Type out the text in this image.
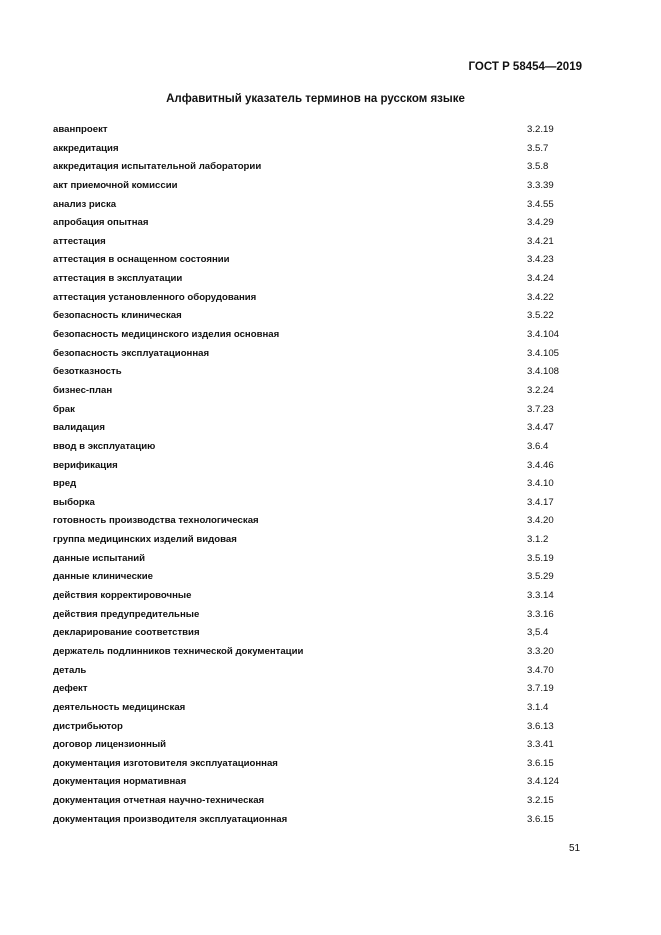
ГОСТ Р 58454—2019
Алфавитный указатель терминов на русском языке
аванпроект	3.2.19
аккредитация	3.5.7
аккредитация испытательной лаборатории	3.5.8
акт приемочной комиссии	3.3.39
анализ риска	3.4.55
апробация опытная	3.4.29
аттестация	3.4.21
аттестация в оснащенном состоянии	3.4.23
аттестация в эксплуатации	3.4.24
аттестация установленного оборудования	3.4.22
безопасность клиническая	3.5.22
безопасность медицинского изделия основная	3.4.104
безопасность эксплуатационная	3.4.105
безотказность	3.4.108
бизнес-план	3.2.24
брак	3.7.23
валидация	3.4.47
ввод в эксплуатацию	3.6.4
верификация	3.4.46
вред	3.4.10
выборка	3.4.17
готовность производства технологическая	3.4.20
группа медицинских изделий видовая	3.1.2
данные испытаний	3.5.19
данные клинические	3.5.29
действия корректировочные	3.3.14
действия предупредительные	3.3.16
декларирование соответствия	3,5.4
держатель подлинников технической документации	3.3.20
деталь	3.4.70
дефект	3.7.19
деятельность медицинская	3.1.4
дистрибьютор	3.6.13
договор лицензионный	3.3.41
документация изготовителя эксплуатационная	3.6.15
документация нормативная	3.4.124
документация отчетная научно-техническая	3.2.15
документация производителя эксплуатационная	3.6.15
51
